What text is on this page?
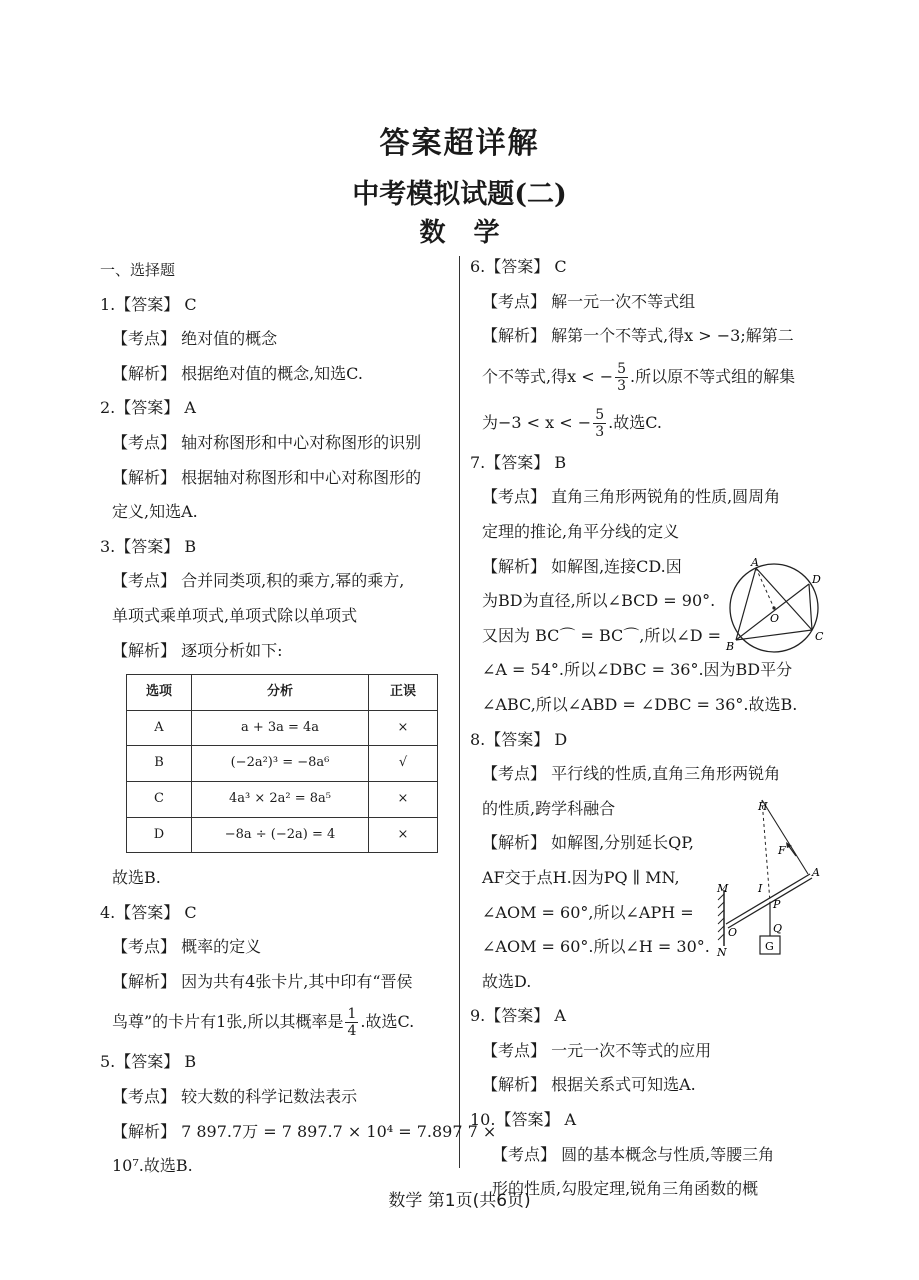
答案超详解
中考模拟试题(二)
数学
一、选择题
1.【答案】 C
【考点】 绝对值的概念
【解析】 根据绝对值的概念,知选C.
2.【答案】 A
【考点】 轴对称图形和中心对称图形的识别
【解析】 根据轴对称图形和中心对称图形的
定义,知选A.
3.【答案】 B
【考点】 合并同类项,积的乘方,幂的乘方,
单项式乘单项式,单项式除以单项式
【解析】 逐项分析如下:
选项	分析	正误
A	a + 3a = 4a	×
B	(−2a²)³ = −8a⁶	√
C	4a³ × 2a² = 8a⁵	×
D	−8a ÷ (−2a) = 4	×
故选B.
4.【答案】 C
【考点】 概率的定义
【解析】 因为共有4张卡片,其中印有“晋侯
鸟尊”的卡片有1张,所以其概率是 $\frac{1}{4}$ .故选C.
5.【答案】 B
【考点】 较大数的科学记数法表示
【解析】 7 897.7万 = 7 897.7 × 10⁴ = 7.897 7 ×
10⁷.故选B.
6.【答案】 C
【考点】 解一元一次不等式组
【解析】 解第一个不等式,得x > −3;解第二
个不等式,得x < − $\frac{5}{3}$ .所以原不等式组的解集
为−3 < x < − $\frac{5}{3}$ .故选C.
7.【答案】 B
【考点】 直角三角形两锐角的性质,圆周角
定理的推论,角平分线的定义
【解析】 如解图,连接CD.因
为BD为直径,所以∠BCD = 90°.
又因为 BC⌒ = BC⌒,所以∠D =
∠A = 54°.所以∠DBC = 36°.因为BD平分
∠ABC,所以∠ABD = ∠DBC = 36°.故选B.
8.【答案】 D
【考点】 平行线的性质,直角三角形两锐角
的性质,跨学科融合
【解析】 如解图,分别延长QP,
AF交于点H.因为PQ ∥ MN,
∠AOM = 60°,所以∠APH =
∠AOM = 60°.所以∠H = 30°.
故选D.
9.【答案】 A
【考点】 一元一次不等式的应用
【解析】 根据关系式可知选A.
10.【答案】 A
【考点】 圆的基本概念与性质,等腰三角
形的性质,勾股定理,锐角三角函数的概
A
D
O
B
C
H
F
A
M	I
P
O	Q
N	G
数学 第1页(共6页)
